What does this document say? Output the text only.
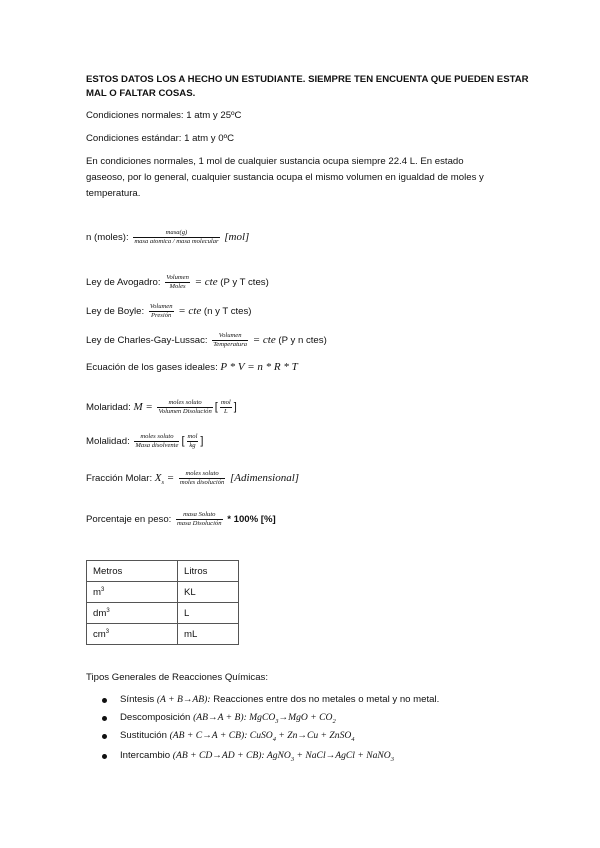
ESTOS DATOS LOS A HECHO UN ESTUDIANTE. SIEMPRE TEN ENCUENTA QUE PUEDEN ESTAR
MAL O FALTAR COSAS.
Condiciones normales: 1 atm y 25ºC
Condiciones estándar: 1 atm y 0ºC
En condiciones normales, 1 mol de cualquier sustancia ocupa siempre 22.4 L. En estado
gaseoso, por lo general, cualquier sustancia ocupa el mismo volumen en igualdad de moles y
temperatura.
n (moles): $\frac{\text{masa(g)}}{\text{masa atomica / masa molecular}} [mol]$
Ley de Avogadro: $\frac{\text{Volumen}}{\text{Moles}}$ = cte (P y T ctes)
Ley de Boyle: $\frac{\text{Volumen}}{\text{Presión}}$ = cte (n y T ctes)
Ley de Charles-Gay-Lussac: $\frac{\text{Volumen}}{\text{Temperatura}}$ = cte (P y n ctes)
Ecuación de los gases ideales: P * V = n * R * T
Molaridad: $M = \frac{\text{moles soluto}}{\text{Volumen Disolución}}$ [ $\frac{\text{mol}}{L}$ ]
Molalidad: $\frac{\text{moles soluto}}{\text{Masa disolvente}}$ [ $\frac{\text{mol}}{kg}$ ]
Fracción Molar: $X_s = \frac{\text{moles soluto}}{\text{moles disolución}}$ [Adimensional]
Porcentaje en peso: $\frac{\text{masa Soluto}}{\text{masa Disolución}} * 100\%$ [%]
Metros	Litros
$m^3$	KL
$dm^3$	L
$cm^3$	mL
Tipos Generales de Reacciones Químicas:
Síntesis (A + B→AB): Reacciones entre dos no metales o metal y no metal.
Descomposición (AB→A + B): MgCO$_3$→MgO + $CO_2$
Sustitución (AB + C→A + CB): CuSO$_4$ + Zn→Cu + ZnSO$_4$
Intercambio (AB + CD→AD + CB): AgNO$_3$ + NaCl→AgCl + NaNO$_3$
